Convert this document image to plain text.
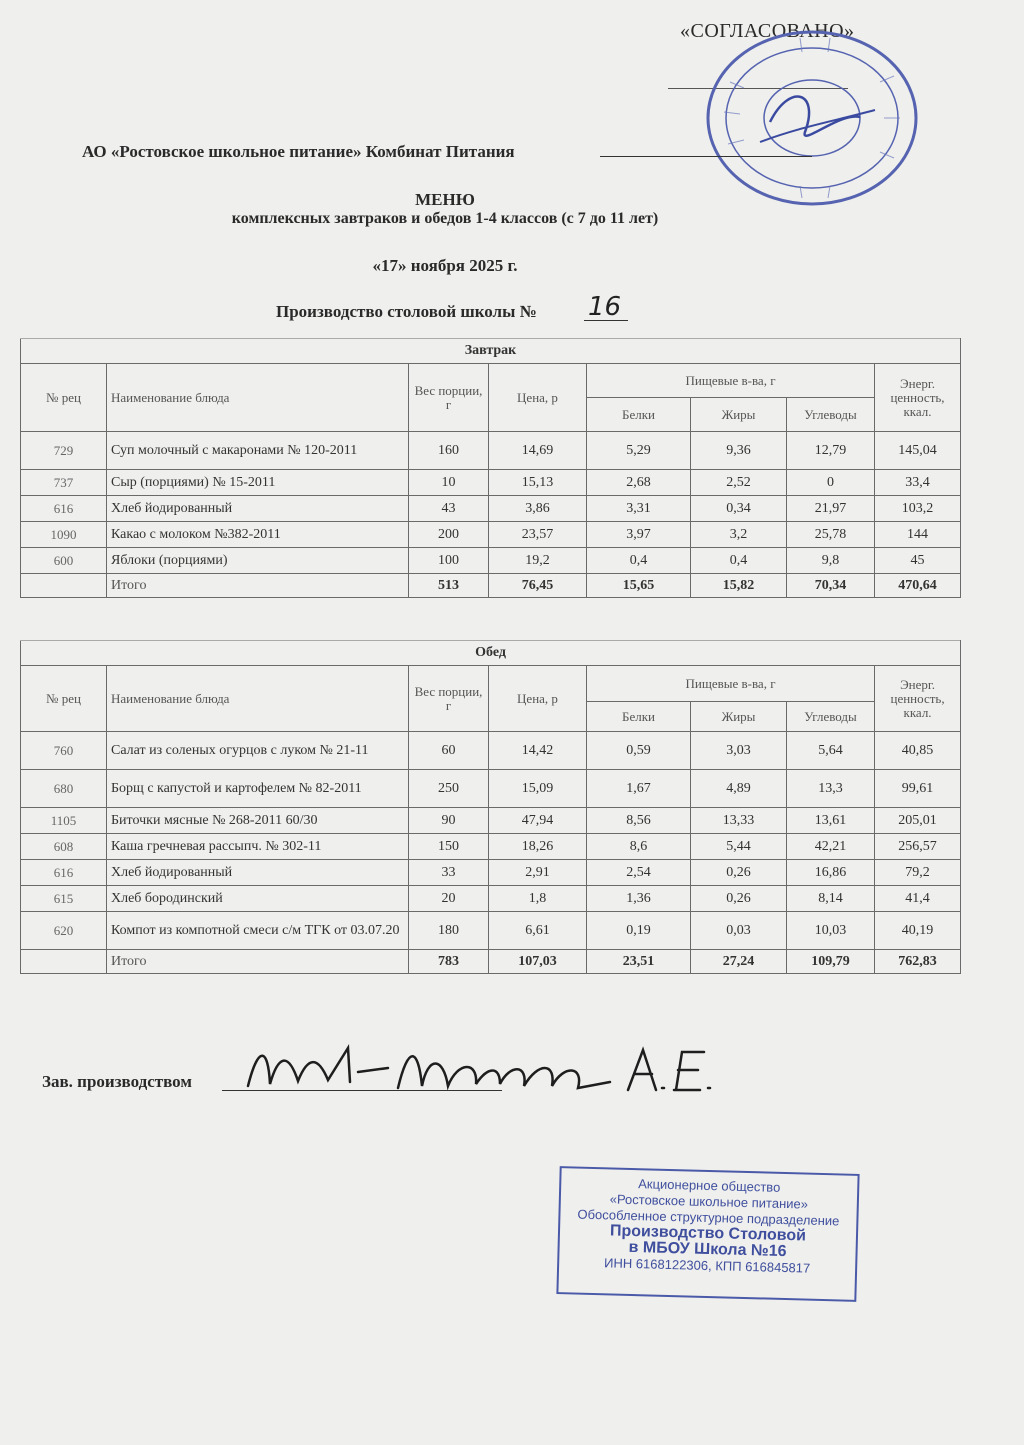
«СОГЛАСОВАНО»
АО «Ростовское школьное питание» Комбинат Питания
МЕНЮ
комплексных завтраков и обедов 1-4 классов (с 7 до 11 лет)
«17» ноября 2025 г.
Производство столовой школы № 16
Завтрак							
№ рец	Наименование блюда	Вес порции, г	Цена, р	Пищевые в-ва, г			Энерг. ценность, ккал.
				Белки	Жиры	Углеводы	
729	Суп молочный с макаронами № 120-2011	160	14,69	5,29	9,36	12,79	145,04
737	Сыр (порциями) № 15-2011	10	15,13	2,68	2,52	0	33,4
616	Хлеб йодированный	43	3,86	3,31	0,34	21,97	103,2
1090	Какао с молоком №382-2011	200	23,57	3,97	3,2	25,78	144
600	Яблоки (порциями)	100	19,2	0,4	0,4	9,8	45
	Итого	513	76,45	15,65	15,82	70,34	470,64
Обед							
№ рец	Наименование блюда	Вес порции, г	Цена, р	Пищевые в-ва, г			Энерг. ценность, ккал.
				Белки	Жиры	Углеводы	
760	Салат из соленых огурцов с луком № 21-11	60	14,42	0,59	3,03	5,64	40,85
680	Борщ с капустой и картофелем № 82-2011	250	15,09	1,67	4,89	13,3	99,61
1105	Биточки мясные № 268-2011 60/30	90	47,94	8,56	13,33	13,61	205,01
608	Каша гречневая рассыпч. № 302-11	150	18,26	8,6	5,44	42,21	256,57
616	Хлеб йодированный	33	2,91	2,54	0,26	16,86	79,2
615	Хлеб бородинский	20	1,8	1,36	0,26	8,14	41,4
620	Компот из компотной смеси с/м ТГК от 03.07.20	180	6,61	0,19	0,03	10,03	40,19
	Итого	783	107,03	23,51	27,24	109,79	762,83
Зав. производством
Акционерное общество
«Ростовское школьное питание»
Обособленное структурное подразделение
Производство Столовой
в МБОУ Школа №16
ИНН 6168122306, КПП 616845817
